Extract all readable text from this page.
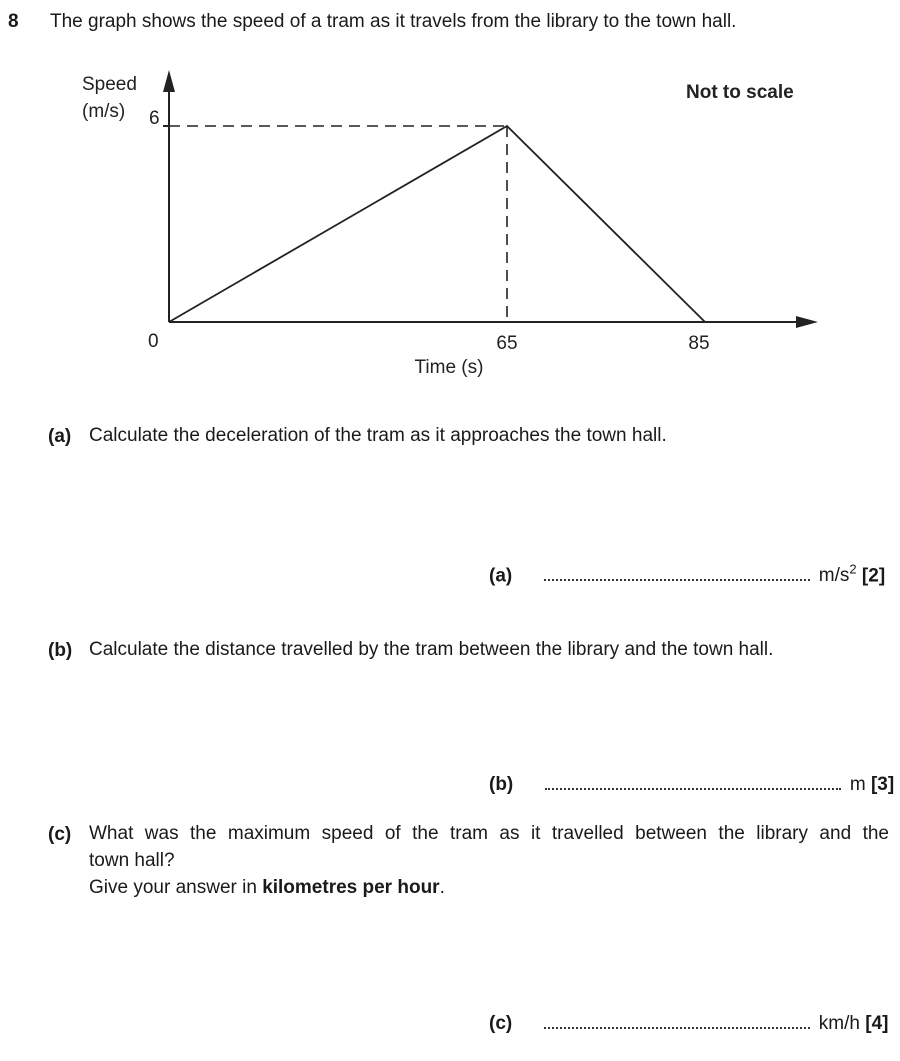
8 The graph shows the speed of a tram as it travels from the library to the town hall.
Speed
(m/s) 6
0	65	85
Time (s)
Not to scale
(a) Calculate the deceleration of the tram as it approaches the town hall.
(a)	$m/s^2$ [2]
(b) Calculate the distance travelled by the tram between the library and the town hall.
(b)	m [3]
(c) What was the maximum speed of the tram as it travelled between the library and the
town hall?
Give your answer in kilometres per hour.
(c)	km/h [4]
